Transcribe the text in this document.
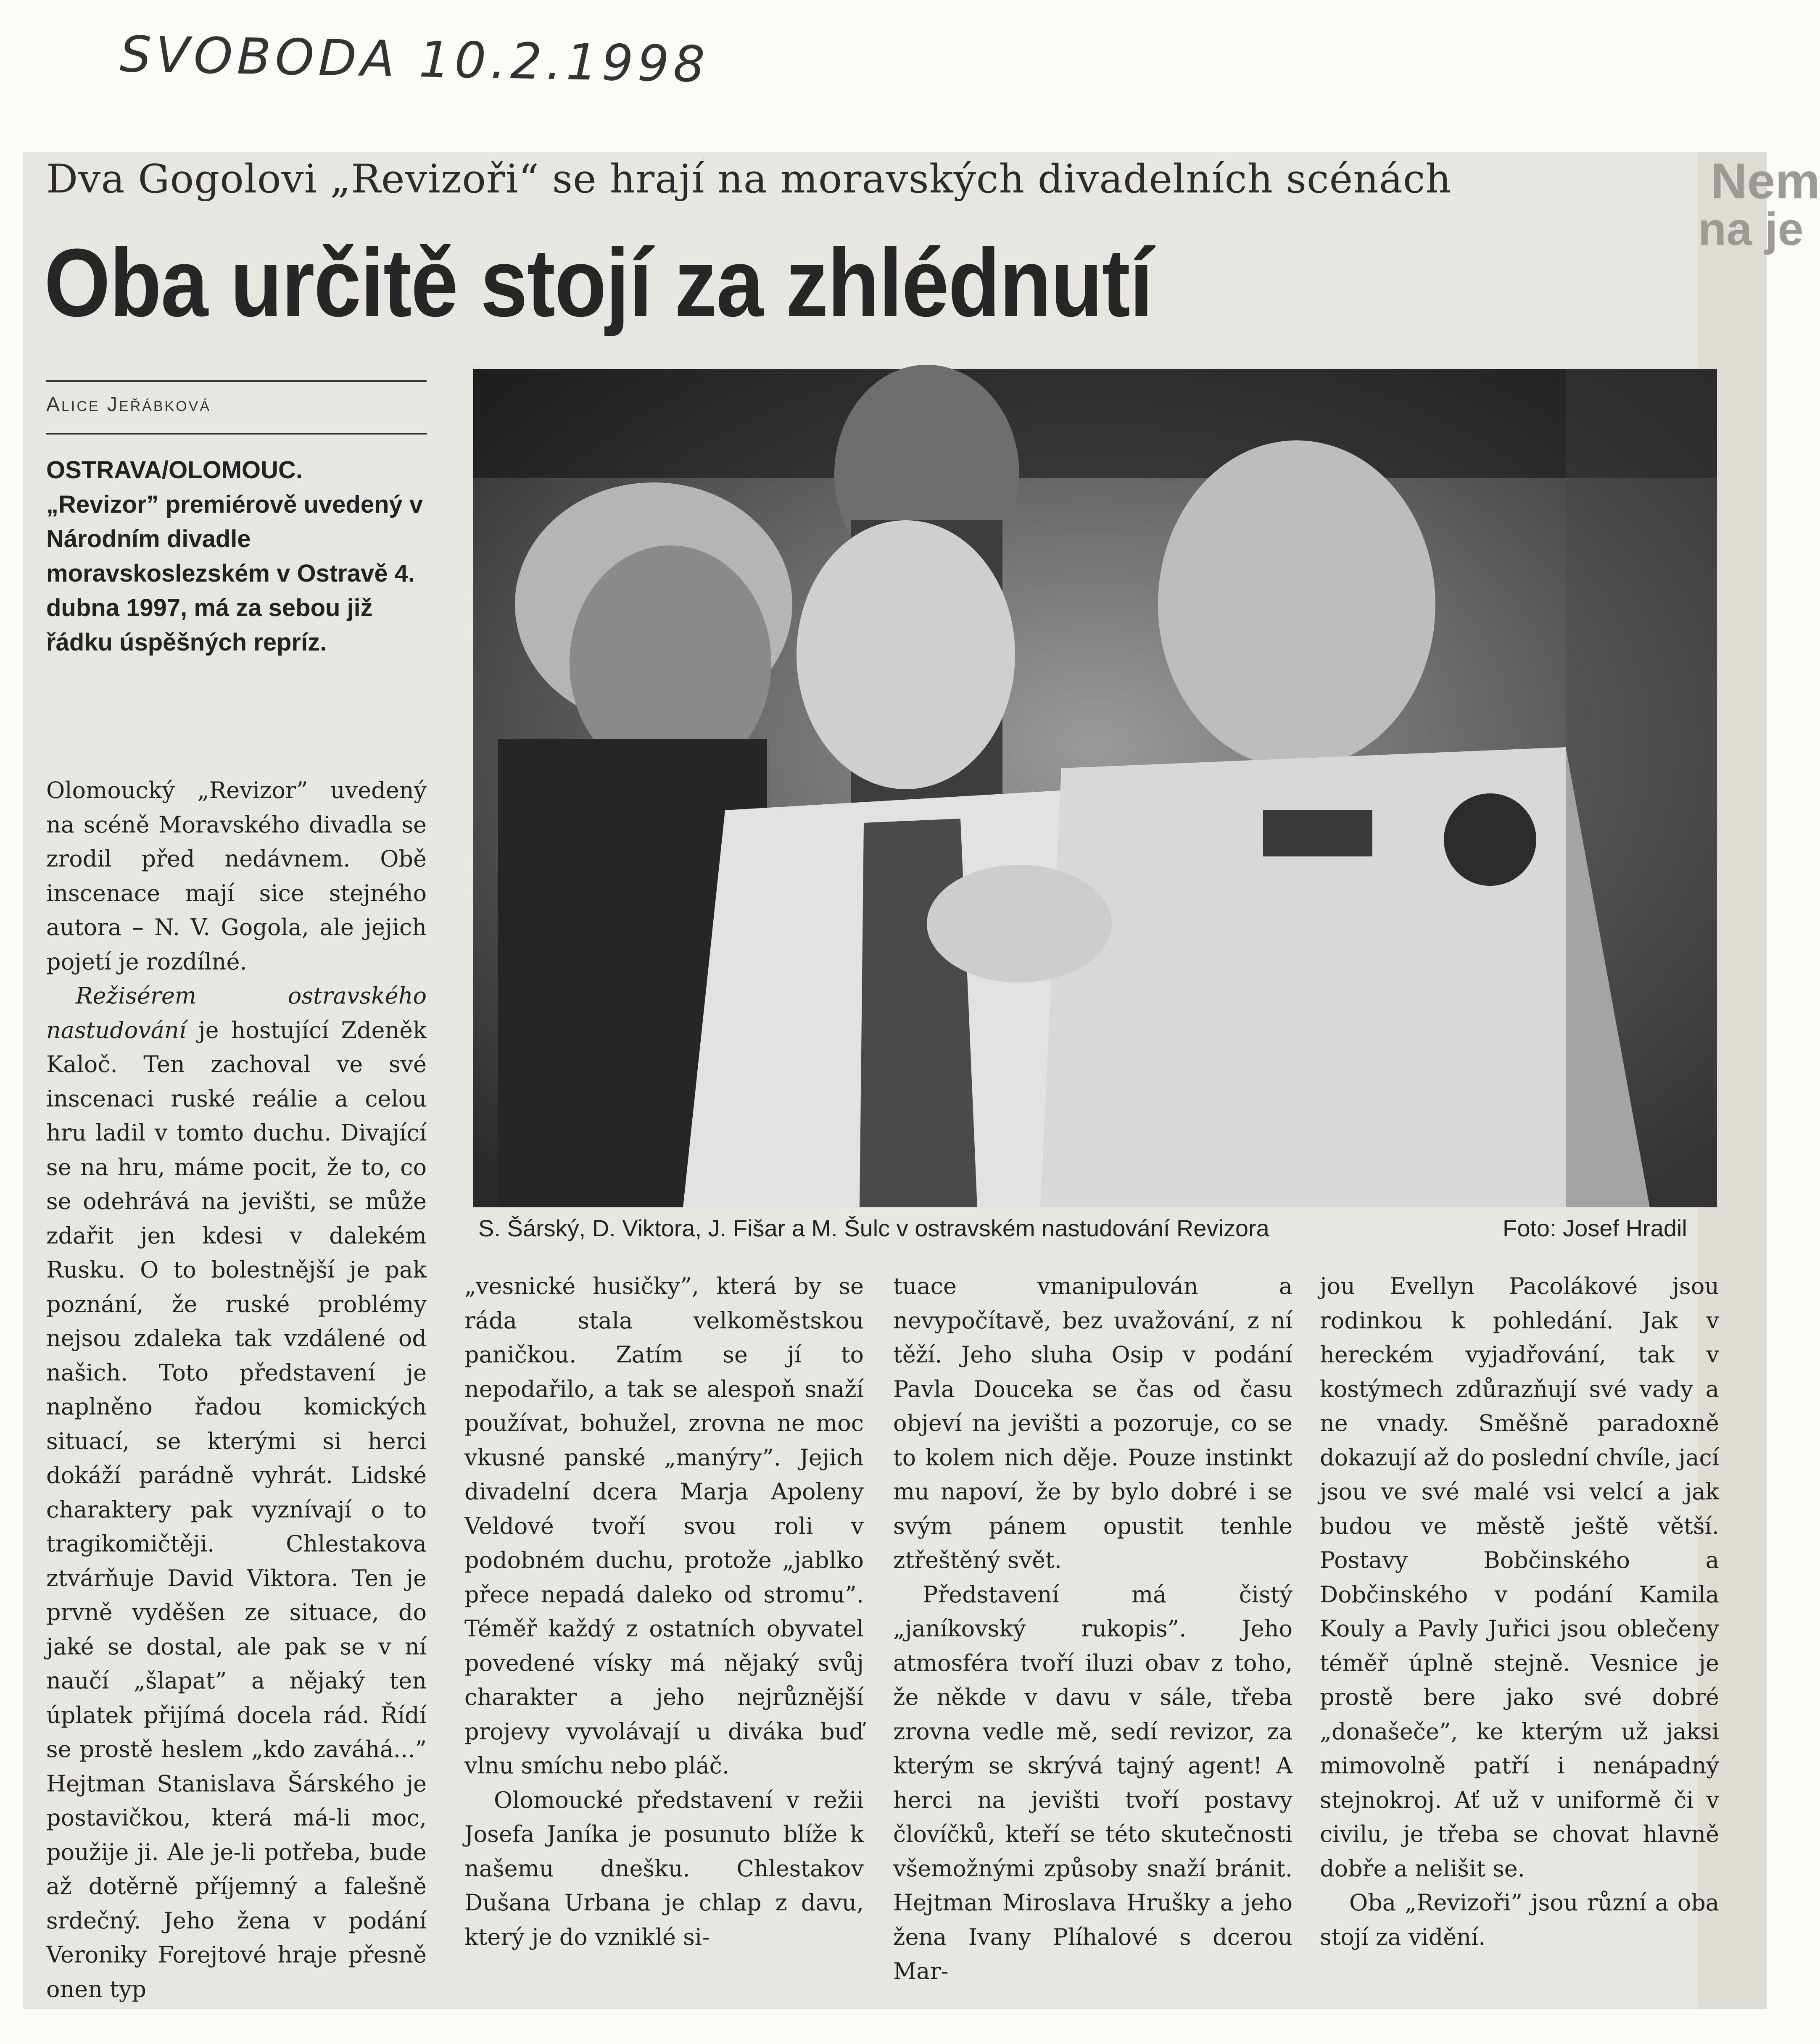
SVOBODA 10.2.1998
Nem
na je
Dva Gogolovi „Revizoři“ se hrají na moravských divadelních scénách
Oba určitě stojí za zhlédnutí
Alice Jeřábková
OSTRAVA/OLOMOUC.
„Revizor” premiérově uvedený v Národním divadle moravskoslezském v Ostravě 4. dubna 1997, má za sebou již řádku úspěšných repríz.

Olomoucký „Revizor” uvedený na scéně Moravského divadla se zrodil před nedávnem. Obě inscenace mají sice stejného autora – N. V. Gogola, ale jejich pojetí je rozdílné.

Režisérem ostravského nastudování je hostující Zdeněk Kaloč. Ten zachoval ve své inscenaci ruské reálie a celou hru ladil v tomto duchu. Divající se na hru, máme pocit, že to, co se odehrává na jevišti, se může zdařit jen kdesi v dalekém Rusku. O to bolestnější je pak poznání, že ruské problémy nejsou zdaleka tak vzdálené od našich. Toto představení je naplněno řadou komických situací, se kterými si herci dokáží parádně vyhrát. Lidské charaktery pak vyznívají o to tragikomičtěji. Chlestakova ztvárňuje David Viktora. Ten je prvně vyděšen ze situace, do jaké se dostal, ale pak se v ní naučí „šlapat” a nějaký ten úplatek přijímá docela rád. Řídí se prostě heslem „kdo zaváhá...” Hejtman Stanislava Šárského je postavičkou, která má-li moc, použije ji. Ale je-li potřeba, bude až dotěrně příjemný a falešně srdečný. Jeho žena v podání Veroniky Forejtové hraje přesně onen typ

S. Šárský, D. Viktora, J. Fišar a M. Šulc v ostravském nastudování Revizora	Foto: Josef Hradil

„vesnické husičky”, která by se ráda stala velkoměstskou paničkou. Zatím se jí to nepodařilo, a tak se alespoň snaží používat, bohužel, zrovna ne moc vkusné panské „manýry”. Jejich divadelní dcera Marja Apoleny Veldové tvoří svou roli v podobném duchu, protože „jablko přece nepadá daleko od stromu”. Téměř každý z ostatních obyvatel povedené vísky má nějaký svůj charakter a jeho nejrůznější projevy vyvolávají u diváka buď vlnu smíchu nebo pláč.

Olomoucké představení v režii Josefa Janíka je posunuto blíže k našemu dnešku. Chlestakov Dušana Urbana je chlap z davu, který je do vzniklé si-

tuace vmanipulován a nevypočítavě, bez uvažování, z ní těží. Jeho sluha Osip v podání Pavla Douceka se čas od času objeví na jevišti a pozoruje, co se to kolem nich děje. Pouze instinkt mu napoví, že by bylo dobré i se svým pánem opustit tenhle ztřeštěný svět.

Představení má čistý „janíkovský rukopis”. Jeho atmosféra tvoří iluzi obav z toho, že někde v davu v sále, třeba zrovna vedle mě, sedí revizor, za kterým se skrývá tajný agent! A herci na jevišti tvoří postavy človíčků, kteří se této skutečnosti všemožnými způsoby snaží bránit. Hejtman Miroslava Hrušky a jeho žena Ivany Plíhalové s dcerou Mar-

jou Evellyn Pacolákové jsou rodinkou k pohledání. Jak v hereckém vyjadřování, tak v kostýmech zdůrazňují své vady a ne vnady. Směšně paradoxně dokazují až do poslední chvíle, jací jsou ve své malé vsi velcí a jak budou ve městě ještě větší. Postavy Bobčinského a Dobčinského v podání Kamila Kouly a Pavly Juřici jsou oblečeny téměř úplně stejně. Vesnice je prostě bere jako své dobré „donašeče”, ke kterým už jaksi mimovolně patří i nenápadný stejnokroj. Ať už v uniformě či v civilu, je třeba se chovat hlavně dobře a nelišit se.

Oba „Revizoři” jsou různí a oba stojí za vidění.
